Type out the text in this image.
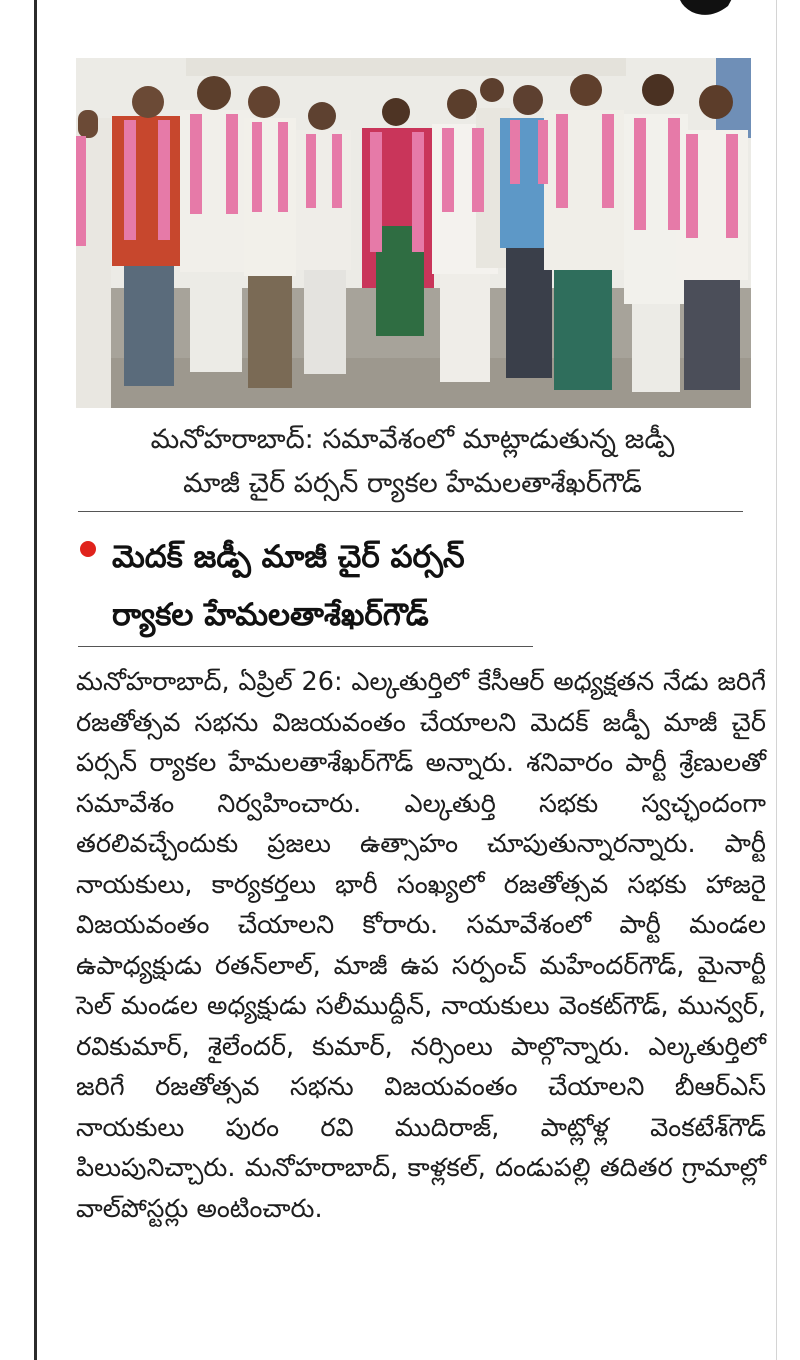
మనోహరాబాద్: సమావేశంలో మాట్లాడుతున్న జడ్పీ
మాజీ చైర్ పర్సన్ ర్యాకల హేమలతాశేఖర్‌గౌడ్
మెదక్ జడ్పీ మాజీ చైర్ పర్సన్
ర్యాకల హేమలతాశేఖర్‌గౌడ్

మనోహరాబాద్, ఏప్రిల్ 26: ఎల్కతుర్తిలో కేసీఆర్ అధ్యక్షతన నేడు జరిగే రజతోత్సవ సభను విజయవంతం చేయాలని మెదక్ జడ్పీ మాజీ చైర్ పర్సన్ ర్యాకల హేమలతాశేఖర్‌గౌడ్ అన్నారు. శనివారం పార్టీ శ్రేణులతో సమావేశం నిర్వహించారు. ఎల్కతుర్తి సభకు స్వచ్ఛందంగా తరలివచ్చేందుకు ప్రజలు ఉత్సాహం చూపుతున్నారన్నారు. పార్టీ నాయకులు, కార్యకర్తలు భారీ సంఖ్యలో రజతోత్సవ సభకు హాజరై విజయవంతం చేయాలని కోరారు. సమావేశంలో పార్టీ మండల ఉపాధ్యక్షుడు రతన్‌లాల్, మాజీ ఉప సర్పంచ్ మహేందర్‌గౌడ్, మైనార్టీ సెల్ మండల అధ్యక్షుడు సలీముద్దీన్, నాయకులు వెంకట్‌గౌడ్, మున్వర్, రవికుమార్, శైలేందర్, కుమార్, నర్సింలు పాల్గొన్నారు. ఎల్కతుర్తిలో జరిగే రజతోత్సవ సభను విజయవంతం చేయాలని బీఆర్ఎస్ నాయకులు పురం రవి ముదిరాజ్, పాట్లోళ్ల వెంకటేశ్‌గౌడ్ పిలుపునిచ్చారు. మనోహరాబాద్, కాళ్లకల్, దండుపల్లి తదితర గ్రామాల్లో వాల్‌పోస్టర్లు అంటించారు.
